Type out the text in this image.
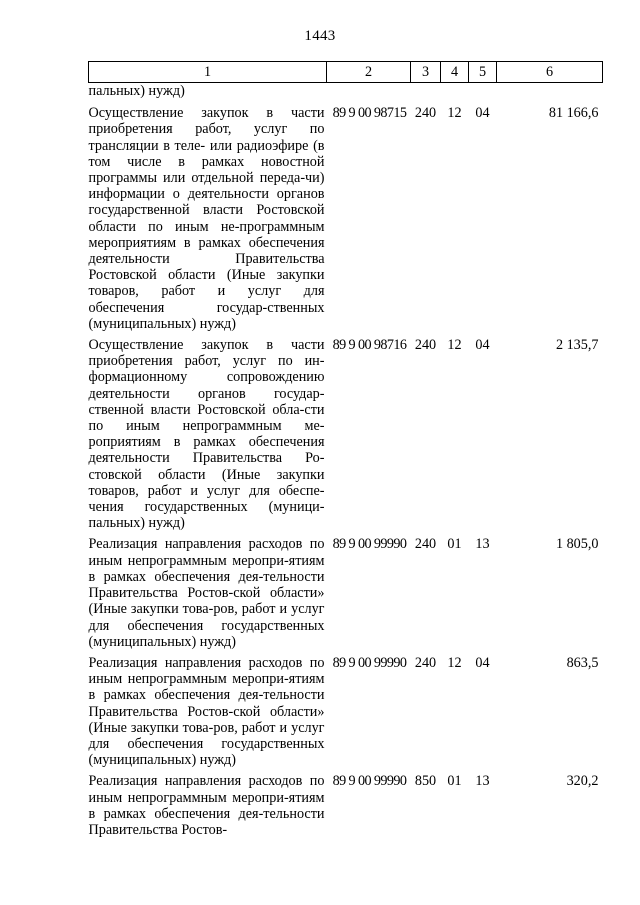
1443
1	2	3	4	5	6
пальных) нужд)					
Осуществление закупок в части приобретения работ, услуг по трансляции в теле- или радиоэфире (в том числе в рамках новостной программы или отдельной переда-чи) информации о деятельности органов государственной власти Ростовской области по иным не-программным мероприятиям в рамках обеспечения деятельности Правительства Ростовской области (Иные закупки товаров, работ и услуг для обеспечения государ-ственных (муниципальных) нужд)	89 9 00 98715	240	12	04	81 166,6
Осуществление закупок в части приобретения работ, услуг по ин-формационному сопровождению деятельности органов государ-ственной власти Ростовской обла-сти по иным непрограммным ме-роприятиям в рамках обеспечения деятельности Правительства Ро-стовской области (Иные закупки товаров, работ и услуг для обеспе-чения государственных (муници-пальных) нужд)	89 9 00 98716	240	12	04	2 135,7
Реализация направления расходов по иным непрограммным меропри-ятиям в рамках обеспечения дея-тельности Правительства Ростов-ской области» (Иные закупки това-ров, работ и услуг для обеспечения государственных (муниципальных) нужд)	89 9 00 99990	240	01	13	1 805,0
Реализация направления расходов по иным непрограммным меропри-ятиям в рамках обеспечения дея-тельности Правительства Ростов-ской области» (Иные закупки това-ров, работ и услуг для обеспечения государственных (муниципальных) нужд)	89 9 00 99990	240	12	04	863,5
Реализация направления расходов по иным непрограммным меропри-ятиям в рамках обеспечения дея-тельности Правительства Ростов-	89 9 00 99990	850	01	13	320,2
